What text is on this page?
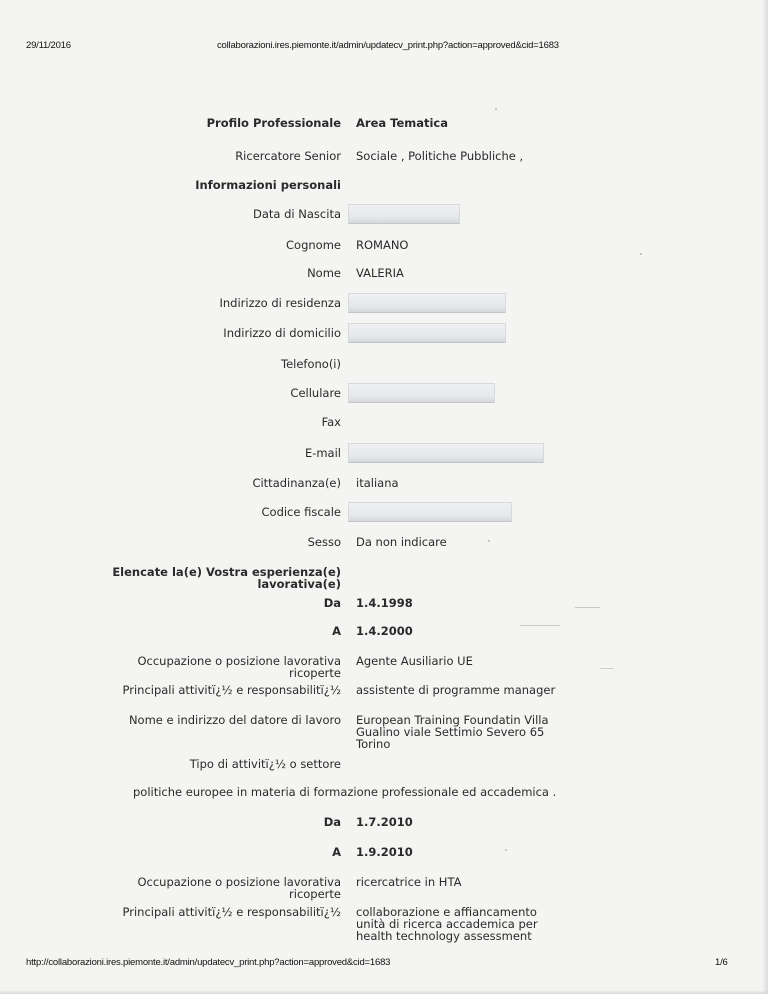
29/11/2016	collaborazioni.ires.piemonte.it/admin/updatecv_print.php?action=approved&cid=1683
Profilo Professionale Area Tematica
Ricercatore Senior Sociale , Politiche Pubbliche ,
Informazioni personali
Data di Nascita
Cognome ROMANO
Nome VALERIA
Indirizzo di residenza
Indirizzo di domicilio
Telefono(i)
Cellulare
Fax
E-mail
Cittadinanza(e) italiana
Codice fiscale
Sesso Da non indicare
Elencate la(e) Vostra esperienza(e)
lavorativa(e)
Da 1.4.1998
A 1.4.2000
Occupazione o posizione lavorativa
ricoperte
Agente Ausiliario UE
Principali attivitï¿½ e responsabilitï¿½ assistente di programme manager
Nome e indirizzo del datore di lavoro European Training Foundatin Villa
Gualino viale Settimio Severo 65
Torino
Tipo di attivitï¿½ o settore
politiche europee in materia di formazione professionale ed accademica .
Da 1.7.2010
A 1.9.2010
Occupazione o posizione lavorativa
ricoperte
ricercatrice in HTA
Principali attivitï¿½ e responsabilitï¿½ collaborazione e affiancamento
unità di ricerca accademica per
health technology assessment
http://collaborazioni.ires.piemonte.it/admin/updatecv_print.php?action=approved&cid=1683	1/6
